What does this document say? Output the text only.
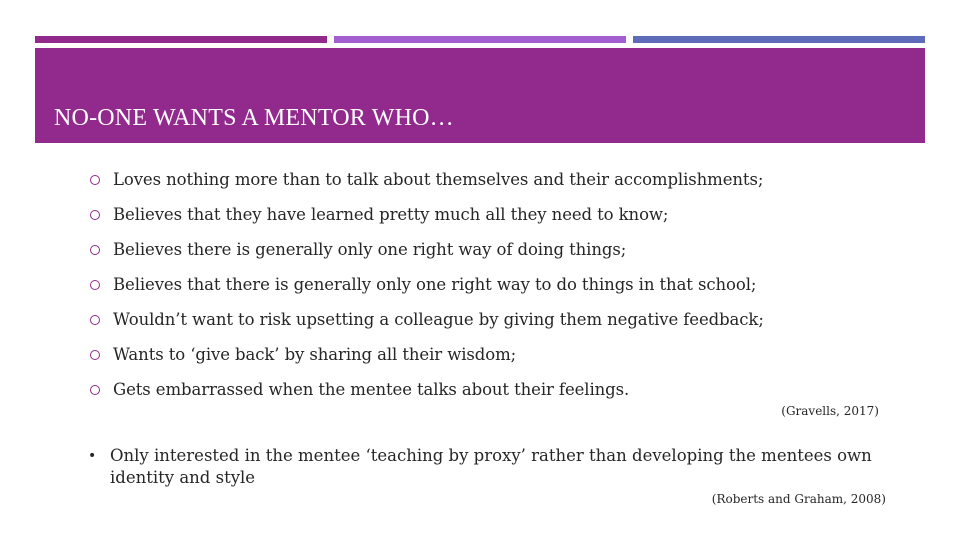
NO-ONE WANTS A MENTOR WHO…
Loves nothing more than to talk about themselves and their accomplishments;
Believes that they have learned pretty much all they need to know;
Believes there is generally only one right way of doing things;
Believes that there is generally only one right way to do things in that school;
Wouldn’t want to risk upsetting a colleague by giving them negative feedback;
Wants to ‘give back’ by sharing all their wisdom;
Gets embarrassed when the mentee talks about their feelings.
(Gravells, 2017)
• Only interested in the mentee ‘teaching by proxy’ rather than developing the mentees own identity and style
(Roberts and Graham, 2008)
